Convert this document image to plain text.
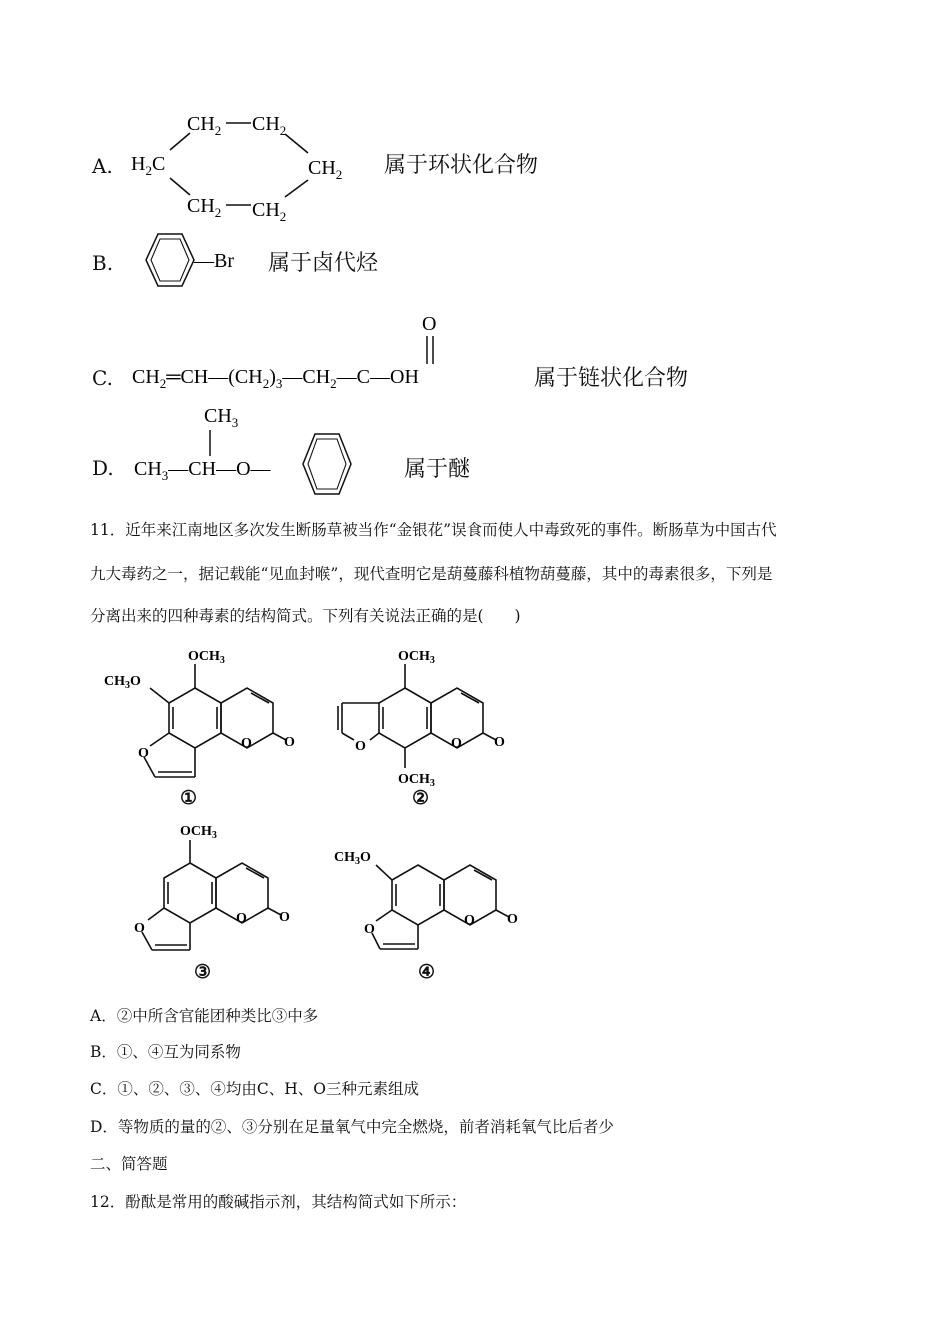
A.
$CH_2$ $CH_2$
$H_2C$	$CH_2$
$CH_2$ $CH_2$
属于环状化合物
B.	—Br 属于卤代烃
C.
O
$CH_2═CH—(CH_2)_3—CH_2—C—OH$	属于链状化合物
D.
$CH_3$
$CH_3—CH—O—$	属于醚
11．近年来江南地区多次发生断肠草被当作“金银花”误食而使人中毒致死的事件。断肠草为中国古代
九大毒药之一，据记载能“见血封喉”，现代查明它是葫蔓藤科植物葫蔓藤，其中的毒素很多，下列是
分离出来的四种毒素的结构简式。下列有关说法正确的是(　　)
$OCH_3$
$CH_3O$
O
O O
①
$OCH_3$
O	O O
$OCH_3$
②
$OCH_3$
O
O O
③
$CH_3O$
O
O O
④
A．②中所含官能团种类比③中多
B．①、④互为同系物
C．①、②、③、④均由C、H、O三种元素组成
D．等物质的量的②、③分别在足量氧气中完全燃烧，前者消耗氧气比后者少
二、简答题
12．酚酞是常用的酸碱指示剂，其结构简式如下所示：
